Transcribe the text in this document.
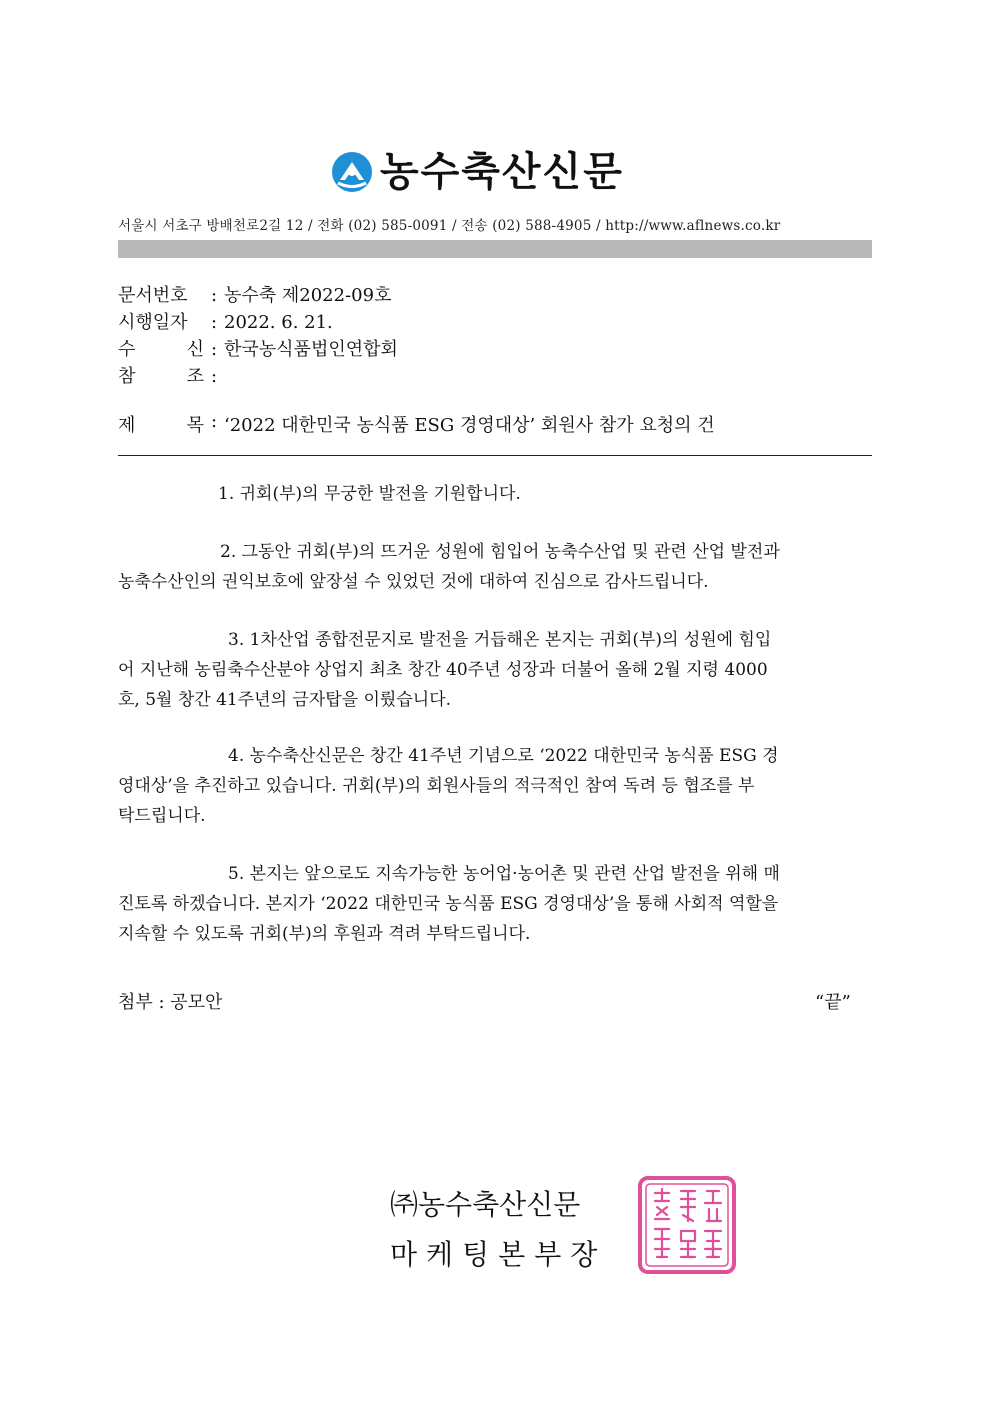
농수축산신문
서울시 서초구 방배천로2길 12 / 전화 (02) 585-0091 / 전송 (02) 588-4905 / http://www.aflnews.co.kr
문서번호	: 농수축 제2022-09호
시행일자	: 2022. 6. 21.
수	신 : 한국농식품법인연합회
참	조 :
제	목 : ‘2022 대한민국 농식품 ESG 경영대상’ 회원사 참가 요청의 건
1. 귀회(부)의 무궁한 발전을 기원합니다.
2. 그동안 귀회(부)의 뜨거운 성원에 힘입어 농축수산업 및 관련 산업 발전과
농축수산인의 권익보호에 앞장설 수 있었던 것에 대하여 진심으로 감사드립니다.
3. 1차산업 종합전문지로 발전을 거듭해온 본지는 귀회(부)의 성원에 힘입
어 지난해 농림축수산분야 상업지 최초 창간 40주년 성장과 더불어 올해 2월 지령 4000
호, 5월 창간 41주년의 금자탑을 이뤘습니다.
4. 농수축산신문은 창간 41주년 기념으로 ‘2022 대한민국 농식품 ESG 경
영대상’을 추진하고 있습니다. 귀회(부)의 회원사들의 적극적인 참여 독려 등 협조를 부
탁드립니다.
5. 본지는 앞으로도 지속가능한 농어업·농어촌 및 관련 산업 발전을 위해 매
진토록 하겠습니다. 본지가 ‘2022 대한민국 농식품 ESG 경영대상’을 통해 사회적 역할을
지속할 수 있도록 귀회(부)의 후원과 격려 부탁드립니다.
첨부 : 공모안	“끝”
㈜농수축산신문
마케팅본부장
